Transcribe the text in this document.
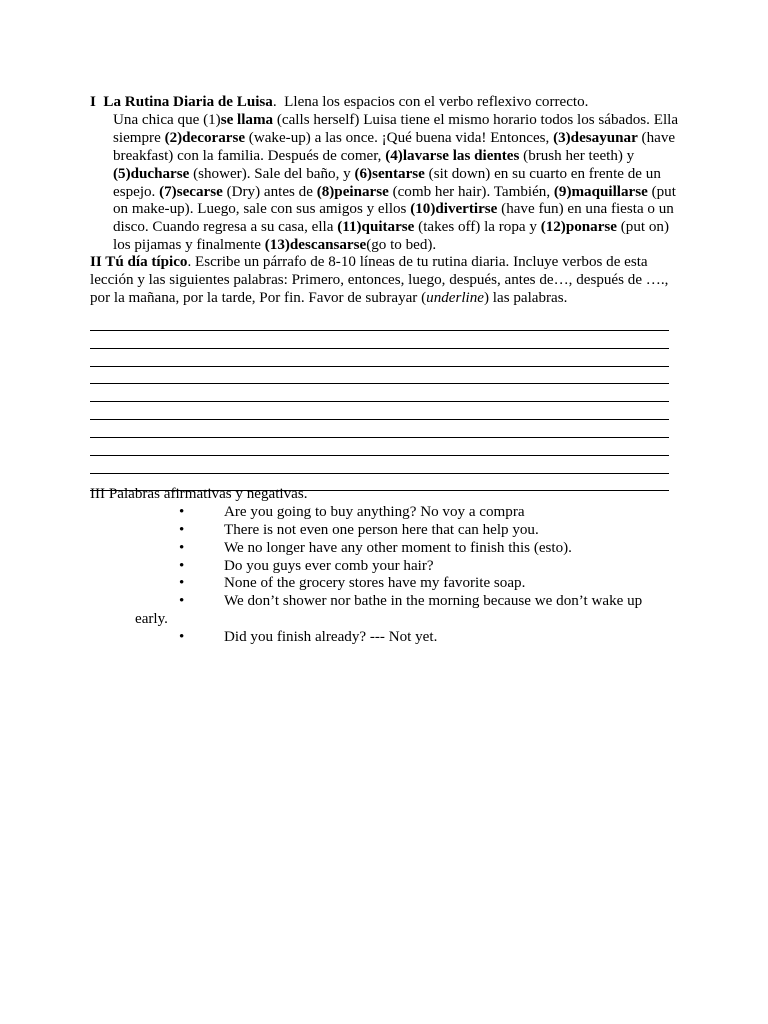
I La Rutina Diaria de Luisa.  Llena los espacios con el verbo reflexivo correcto.
Una chica que (1)se llama (calls herself) Luisa tiene el mismo horario todos los sábados. Ella siempre (2)decorarse (wake-up) a las once. ¡Qué buena vida! Entonces, (3)desayunar (have breakfast) con la familia. Después de comer, (4)lavarse las dientes (brush her teeth) y (5)ducharse (shower). Sale del baño, y (6)sentarse (sit down) en su cuarto en frente de un espejo. (7)secarse (Dry) antes de (8)peinarse (comb her hair). También, (9)maquillarse (put on make-up). Luego, sale con sus amigos y ellos (10)divertirse (have fun) en una fiesta o un disco. Cuando regresa a su casa, ella (11)quitarse (takes off) la ropa y (12)ponarse (put on) los pijamas y finalmente (13)descansarse(go to bed).
II Tú día típico. Escribe un párrafo de 8-10 líneas de tu rutina diaria. Incluye verbos de esta lección y las siguientes palabras: Primero, entonces, luego, después, antes de…, después de …., por la mañana, por la tarde, Por fin. Favor de subrayar (underline) las palabras.
III Palabras afirmativas y negativas.
•	Are you going to buy anything? No voy a compra
•	There is not even one person here that can help you.
•	We no longer have any other moment to finish this (esto).
•	Do you guys ever comb your hair?
•	None of the grocery stores have my favorite soap.
•	We don’t shower nor bathe in the morning because we don’t wake up
early.
•	Did you finish already? --- Not yet.
